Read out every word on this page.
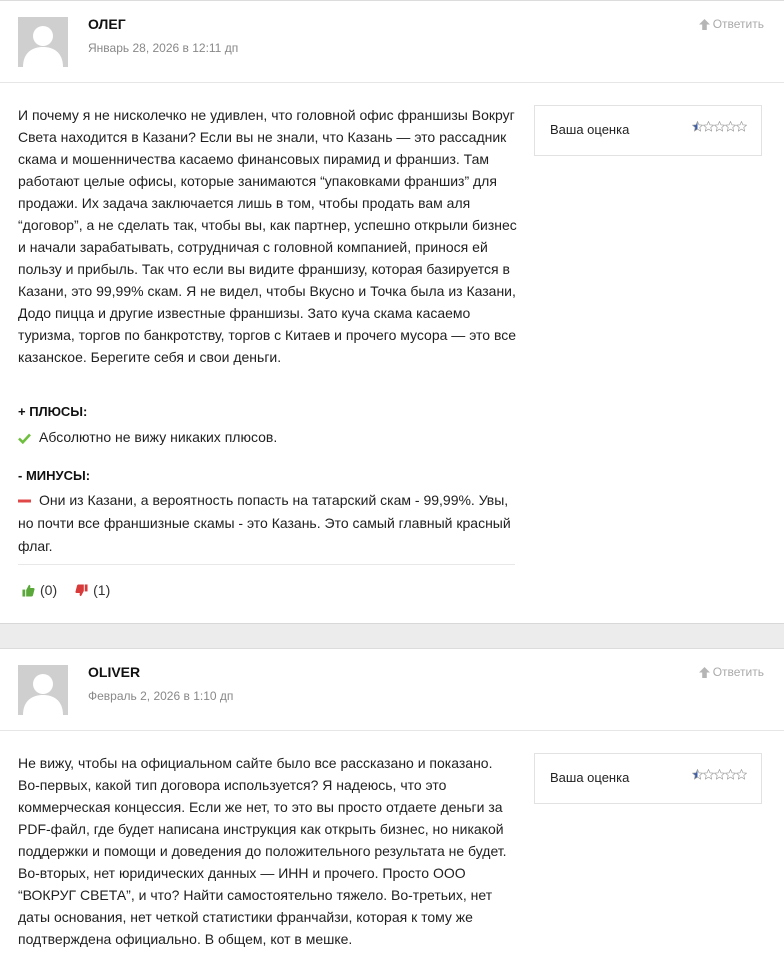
ОЛЕГ
Январь 28, 2026 в 12:11 дп
Ответить

И почему я не нисколечко не удивлен, что головной офис франшизы Вокруг Света находится в Казани? Если вы не знали, что Казань — это рассадник скама и мошенничества касаемо финансовых пирамид и франшиз. Там работают целые офисы, которые занимаются “упаковками франшиз” для продажи. Их задача заключается лишь в том, чтобы продать вам аля “договор”, а не сделать так, чтобы вы, как партнер, успешно открыли бизнес и начали зарабатывать, сотрудничая с головной компанией, принося ей пользу и прибыль. Так что если вы видите франшизу, которая базируется в Казани, это 99,99% скам. Я не видел, чтобы Вкусно и Точка была из Казани, Додо пицца и другие известные франшизы. Зато куча скама касаемо туризма, торгов по банкротству, торгов с Китаев и прочего мусора — это все казанское. Берегите себя и свои деньги.

Ваша оценка
+ ПЛЮСЫ:
Абсолютно не вижу никаких плюсов.
- МИНУСЫ:
Они из Казани, а вероятность попасть на татарский скам - 99,99%. Увы, но почти все франшизные скамы - это Казань. Это самый главный красный флаг.
(0)	(1)
OLIVER
Февраль 2, 2026 в 1:10 дп
Ответить

Не вижу, чтобы на официальном сайте было все рассказано и показано. Во-первых, какой тип договора используется? Я надеюсь, что это коммерческая концессия. Если же нет, то это вы просто отдаете деньги за PDF-файл, где будет написана инструкция как открыть бизнес, но никакой поддержки и помощи и доведения до положительного результата не будет. Во-вторых, нет юридических данных — ИНН и прочего. Просто ООО “ВОКРУГ СВЕТА”, и что? Найти самостоятельно тяжело. Во-третьих, нет даты основания, нет четкой статистики франчайзи, которая к тому же подтверждена официально. В общем, кот в мешке.

Ваша оценка
